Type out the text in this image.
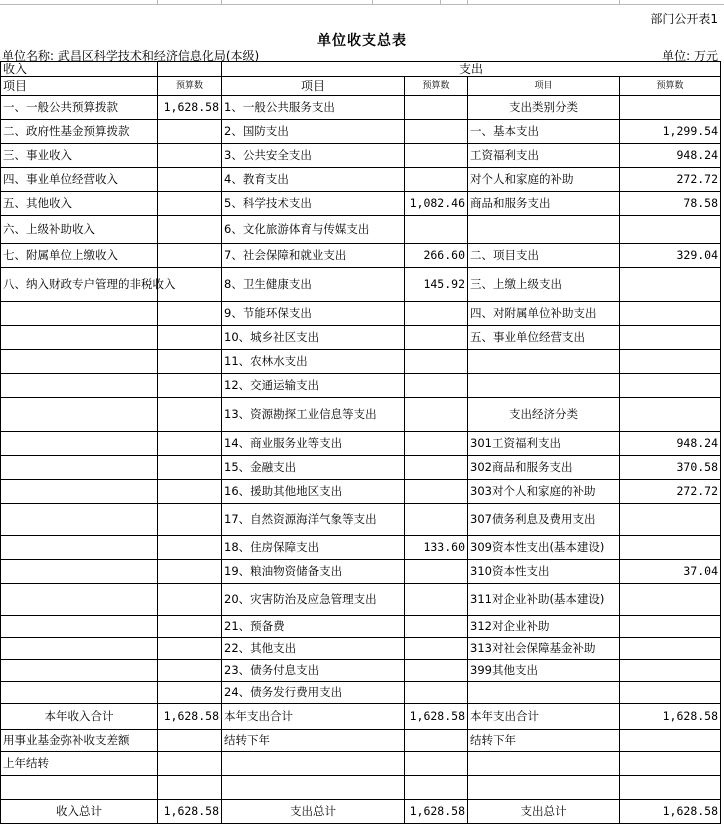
部门公开表1
单位收支总表
单位名称: 武昌区科学技术和经济信息化局(本级)	单位: 万元
收入		支出			
项目	预算数	项目	预算数	项目	预算数
一、一般公共预算拨款	1,628.58	1、一般公共服务支出		支出类别分类	
二、政府性基金预算拨款		2、国防支出		一、基本支出	1,299.54
三、事业收入		3、公共安全支出		工资福利支出	948.24
四、事业单位经营收入		4、教育支出		对个人和家庭的补助	272.72
五、其他收入		5、科学技术支出	1,082.46	商品和服务支出	78.58
六、上级补助收入		6、文化旅游体育与传媒支出			
七、附属单位上缴收入		7、社会保障和就业支出	266.60	二、项目支出	329.04
八、纳入财政专户管理的非税收入		8、卫生健康支出	145.92	三、上缴上级支出	
		9、节能环保支出		四、对附属单位补助支出	
		10、城乡社区支出		五、事业单位经营支出	
		11、农林水支出			
		12、交通运输支出			
		13、资源勘探工业信息等支出		支出经济分类	
		14、商业服务业等支出		301工资福利支出	948.24
		15、金融支出		302商品和服务支出	370.58
		16、援助其他地区支出		303对个人和家庭的补助	272.72
		17、自然资源海洋气象等支出		307债务利息及费用支出	
		18、住房保障支出	133.60	309资本性支出(基本建设)	
		19、粮油物资储备支出		310资本性支出	37.04
		20、灾害防治及应急管理支出		311对企业补助(基本建设)	
		21、预备费		312对企业补助	
		22、其他支出		313对社会保障基金补助	
		23、债务付息支出		399其他支出	
		24、债务发行费用支出			
本年收入合计	1,628.58	本年支出合计	1,628.58	本年支出合计	1,628.58
用事业基金弥补收支差额		结转下年		结转下年	
上年结转					

收入总计	1,628.58	支出总计	1,628.58	支出总计	1,628.58
